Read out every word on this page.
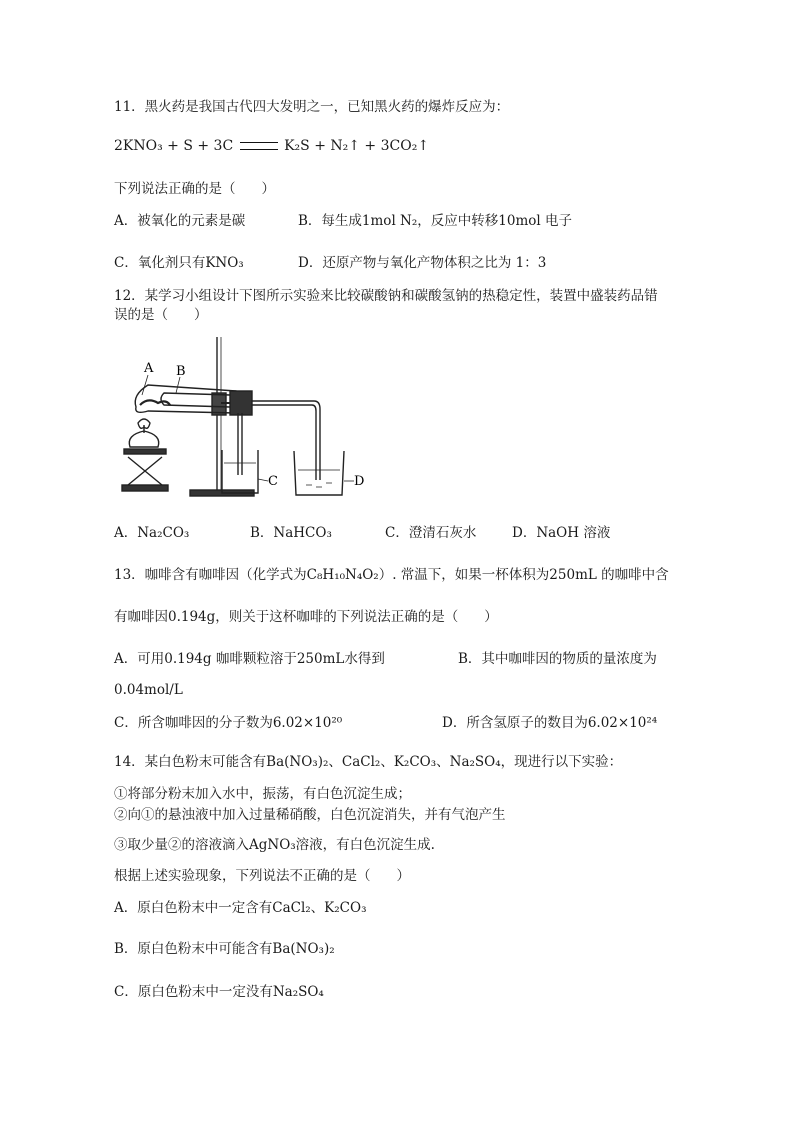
11．黑火药是我国古代四大发明之一，已知黑火药的爆炸反应为：
2KNO₃ + S + 3C	K₂S + N₂↑ + 3CO₂↑
下列说法正确的是（ ）
A．被氧化的元素是碳	B．每生成1mol N₂，反应中转移10mol 电子
C．氧化剂只有KNO₃	D．还原产物与氧化产物体积之比为 1：3
12．某学习小组设计下图所示实验来比较碳酸钠和碳酸氢钠的热稳定性，装置中盛装药品错
误的是（ ）
A B
C	D
A．Na₂CO₃	B．NaHCO₃	C．澄清石灰水	D．NaOH 溶液
13．咖啡含有咖啡因（化学式为C₈H₁₀N₄O₂）. 常温下，如果一杯体积为250mL 的咖啡中含
有咖啡因0.194g，则关于这杯咖啡的下列说法正确的是（ ）
A．可用0.194g 咖啡颗粒溶于250mL水得到	B．其中咖啡因的物质的量浓度为
0.04mol/L
C．所含咖啡因的分子数为6.02×10²⁰	D．所含氢原子的数目为6.02×10²⁴
14．某白色粉末可能含有Ba(NO₃)₂、CaCl₂、K₂CO₃、Na₂SO₄，现进行以下实验：
①将部分粉末加入水中，振荡，有白色沉淀生成；
②向①的悬浊液中加入过量稀硝酸，白色沉淀消失，并有气泡产生
③取少量②的溶液滴入AgNO₃溶液，有白色沉淀生成.
根据上述实验现象，下列说法不正确的是（ ）
A．原白色粉末中一定含有CaCl₂、K₂CO₃
B．原白色粉末中可能含有Ba(NO₃)₂
C．原白色粉末中一定没有Na₂SO₄
